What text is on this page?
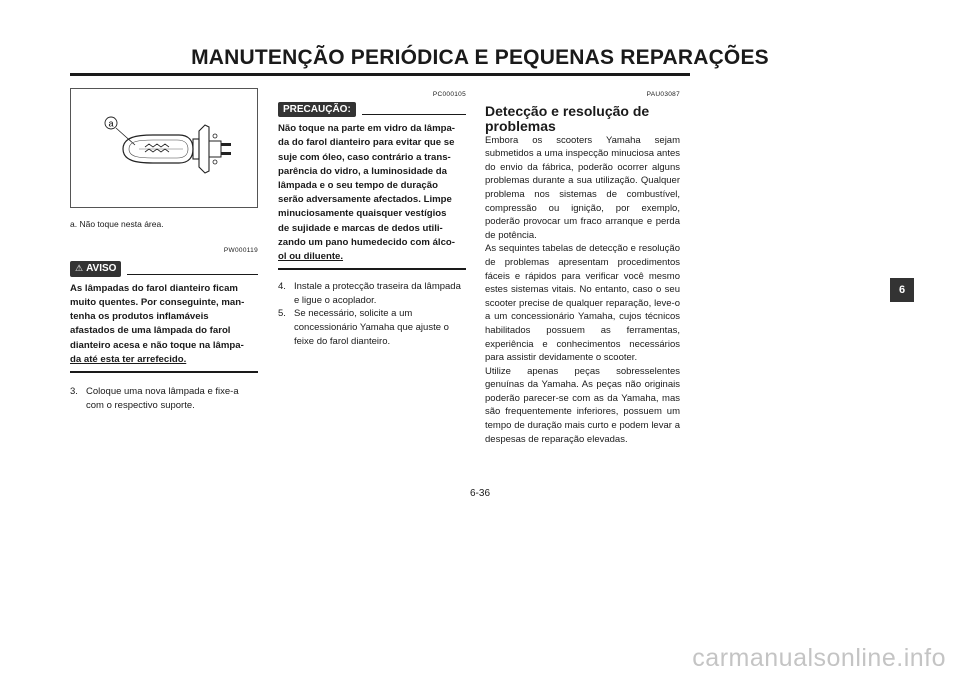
MANUTENÇÃO PERIÓDICA E PEQUENAS REPARAÇÕES
a
a. Não toque nesta área.
PW000119
⚠ AVISO
As lâmpadas do farol dianteiro ficam
muito quentes. Por conseguinte, man-
tenha os produtos inflamáveis
afastados de uma lâmpada do farol
dianteiro acesa e não toque na lâmpa-
da até esta ter arrefecido.
3. Coloque uma nova lâmpada e fixe-a com o respectivo suporte.
PC000105
PRECAUÇÃO:
Não toque na parte em vidro da lâmpa-
da do farol dianteiro para evitar que se
suje com óleo, caso contrário a trans-
parência do vidro, a luminosidade da
lâmpada e o seu tempo de duração
serão adversamente afectados. Limpe
minuciosamente quaisquer vestígios
de sujidade e marcas de dedos utili-
zando um pano humedecido com álco-
ol ou diluente.
4. Instale a protecção traseira da lâmpada e ligue o acoplador.
5. Se necessário, solicite a um concessionário Yamaha que ajuste o feixe do farol dianteiro.
PAU03087
Detecção e resolução de problemas
Embora os scooters Yamaha sejam submetidos a uma inspecção minuciosa antes do envio da fábrica, poderão ocorrer alguns problemas durante a sua utilização. Qualquer problema nos sistemas de combustível, compressão ou ignição, por exemplo, poderão provocar um fraco arranque e perda de potência.
As sequintes tabelas de detecção e resolução de problemas apresentam procedimentos fáceis e rápidos para verificar você mesmo estes sistemas vitais. No entanto, caso o seu scooter precise de qualquer reparação, leve-o a um concessionário Yamaha, cujos técnicos habilitados possuem as ferramentas, experiência e conhecimentos necessários para assistir devidamente o scooter.
Utilize apenas peças sobresselentes genuínas da Yamaha. As peças não originais poderão parecer-se com as da Yamaha, mas são frequentemente inferiores, possuem um tempo de duração mais curto e podem levar a despesas de reparação elevadas.
6
6-36
carmanualsonline.info
